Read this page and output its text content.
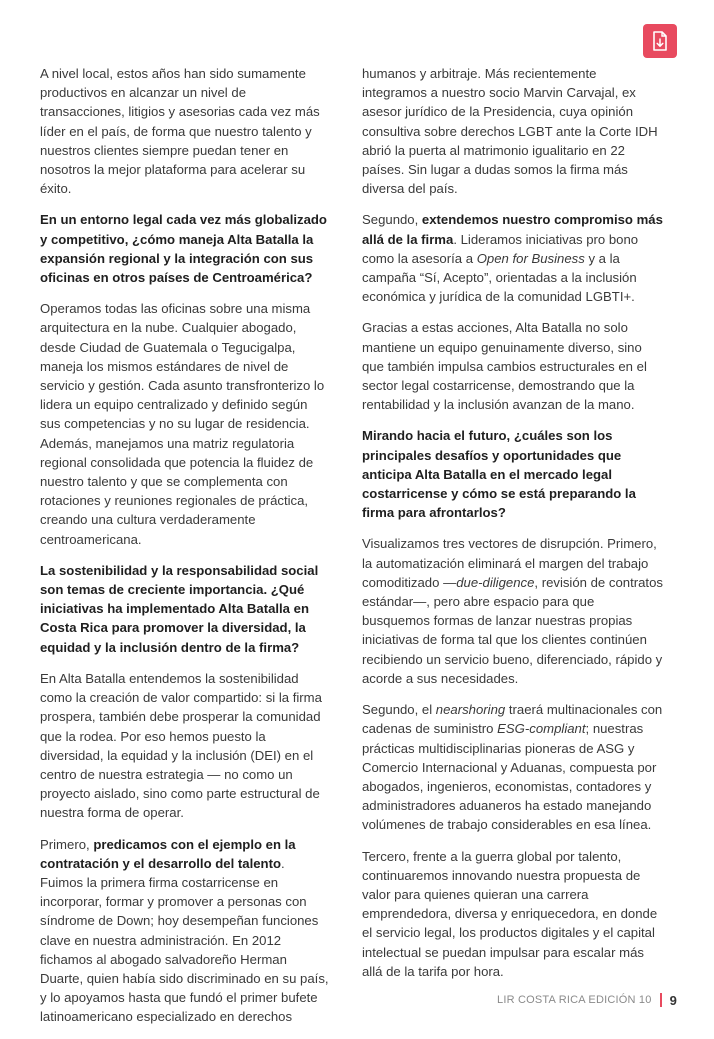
A nivel local, estos años han sido sumamente productivos en alcanzar un nivel de transacciones, litigios y asesorias cada vez más líder en el país, de forma que nuestro talento y nuestros clientes siempre puedan tener en nosotros la mejor plataforma para acelerar su éxito.

En un entorno legal cada vez más globalizado y competitivo, ¿cómo maneja Alta Batalla la expansión regional y la integración con sus oficinas en otros países de Centroamérica?

Operamos todas las oficinas sobre una misma arquitectura en la nube. Cualquier abogado, desde Ciudad de Guatemala o Tegucigalpa, maneja los mismos estándares de nivel de servicio y gestión. Cada asunto transfronterizo lo lidera un equipo centralizado y definido según sus competencias y no su lugar de residencia. Además, manejamos una matriz regulatoria regional consolidada que potencia la fluidez de nuestro talento y que se complementa con rotaciones y reuniones regionales de práctica, creando una cultura verdaderamente centroamericana.

La sostenibilidad y la responsabilidad social son temas de creciente importancia. ¿Qué iniciativas ha implementado Alta Batalla en Costa Rica para promover la diversidad, la equidad y la inclusión dentro de la firma?

En Alta Batalla entendemos la sostenibilidad como la creación de valor compartido: si la firma prospera, también debe prosperar la comunidad que la rodea. Por eso hemos puesto la diversidad, la equidad y la inclusión (DEI) en el centro de nuestra estrategia — no como un proyecto aislado, sino como parte estructural de nuestra forma de operar.

Primero, predicamos con el ejemplo en la contratación y el desarrollo del talento. Fuimos la primera firma costarricense en incorporar, formar y promover a personas con síndrome de Down; hoy desempeñan funciones clave en nuestra administración. En 2012 fichamos al abogado salvadoreño Herman Duarte, quien había sido discriminado en su país, y lo apoyamos hasta que fundó el primer bufete latinoamericano especializado en derechos

humanos y arbitraje. Más recientemente integramos a nuestro socio Marvin Carvajal, ex asesor jurídico de la Presidencia, cuya opinión consultiva sobre derechos LGBT ante la Corte IDH abrió la puerta al matrimonio igualitario en 22 países. Sin lugar a dudas somos la firma más diversa del país.

Segundo, extendemos nuestro compromiso más allá de la firma. Lideramos iniciativas pro bono como la asesoría a Open for Business y a la campaña “Sí, Acepto”, orientadas a la inclusión económica y jurídica de la comunidad LGBTI+.

Gracias a estas acciones, Alta Batalla no solo mantiene un equipo genuinamente diverso, sino que también impulsa cambios estructurales en el sector legal costarricense, demostrando que la rentabilidad y la inclusión avanzan de la mano.

Mirando hacia el futuro, ¿cuáles son los principales desafíos y oportunidades que anticipa Alta Batalla en el mercado legal costarricense y cómo se está preparando la firma para afrontarlos?

Visualizamos tres vectores de disrupción. Primero, la automatización eliminará el margen del trabajo comoditizado —due-diligence, revisión de contratos estándar—, pero abre espacio para que busquemos formas de lanzar nuestras propias iniciativas de forma tal que los clientes continúen recibiendo un servicio bueno, diferenciado, rápido y acorde a sus necesidades.

Segundo, el nearshoring traerá multinacionales con cadenas de suministro ESG-compliant; nuestras prácticas multidisciplinarias pioneras de ASG y Comercio Internacional y Aduanas, compuesta por abogados, ingenieros, economistas, contadores y administradores aduaneros ha estado manejando volúmenes de trabajo considerables en esa línea.

Tercero, frente a la guerra global por talento, continuaremos innovando nuestra propuesta de valor para quienes quieran una carrera emprendedora, diversa y enriquecedora, en donde el servicio legal, los productos digitales y el capital intelectual se puedan impulsar para escalar más allá de la tarifa por hora.

LIR COSTA RICA EDICIÓN 10 9
